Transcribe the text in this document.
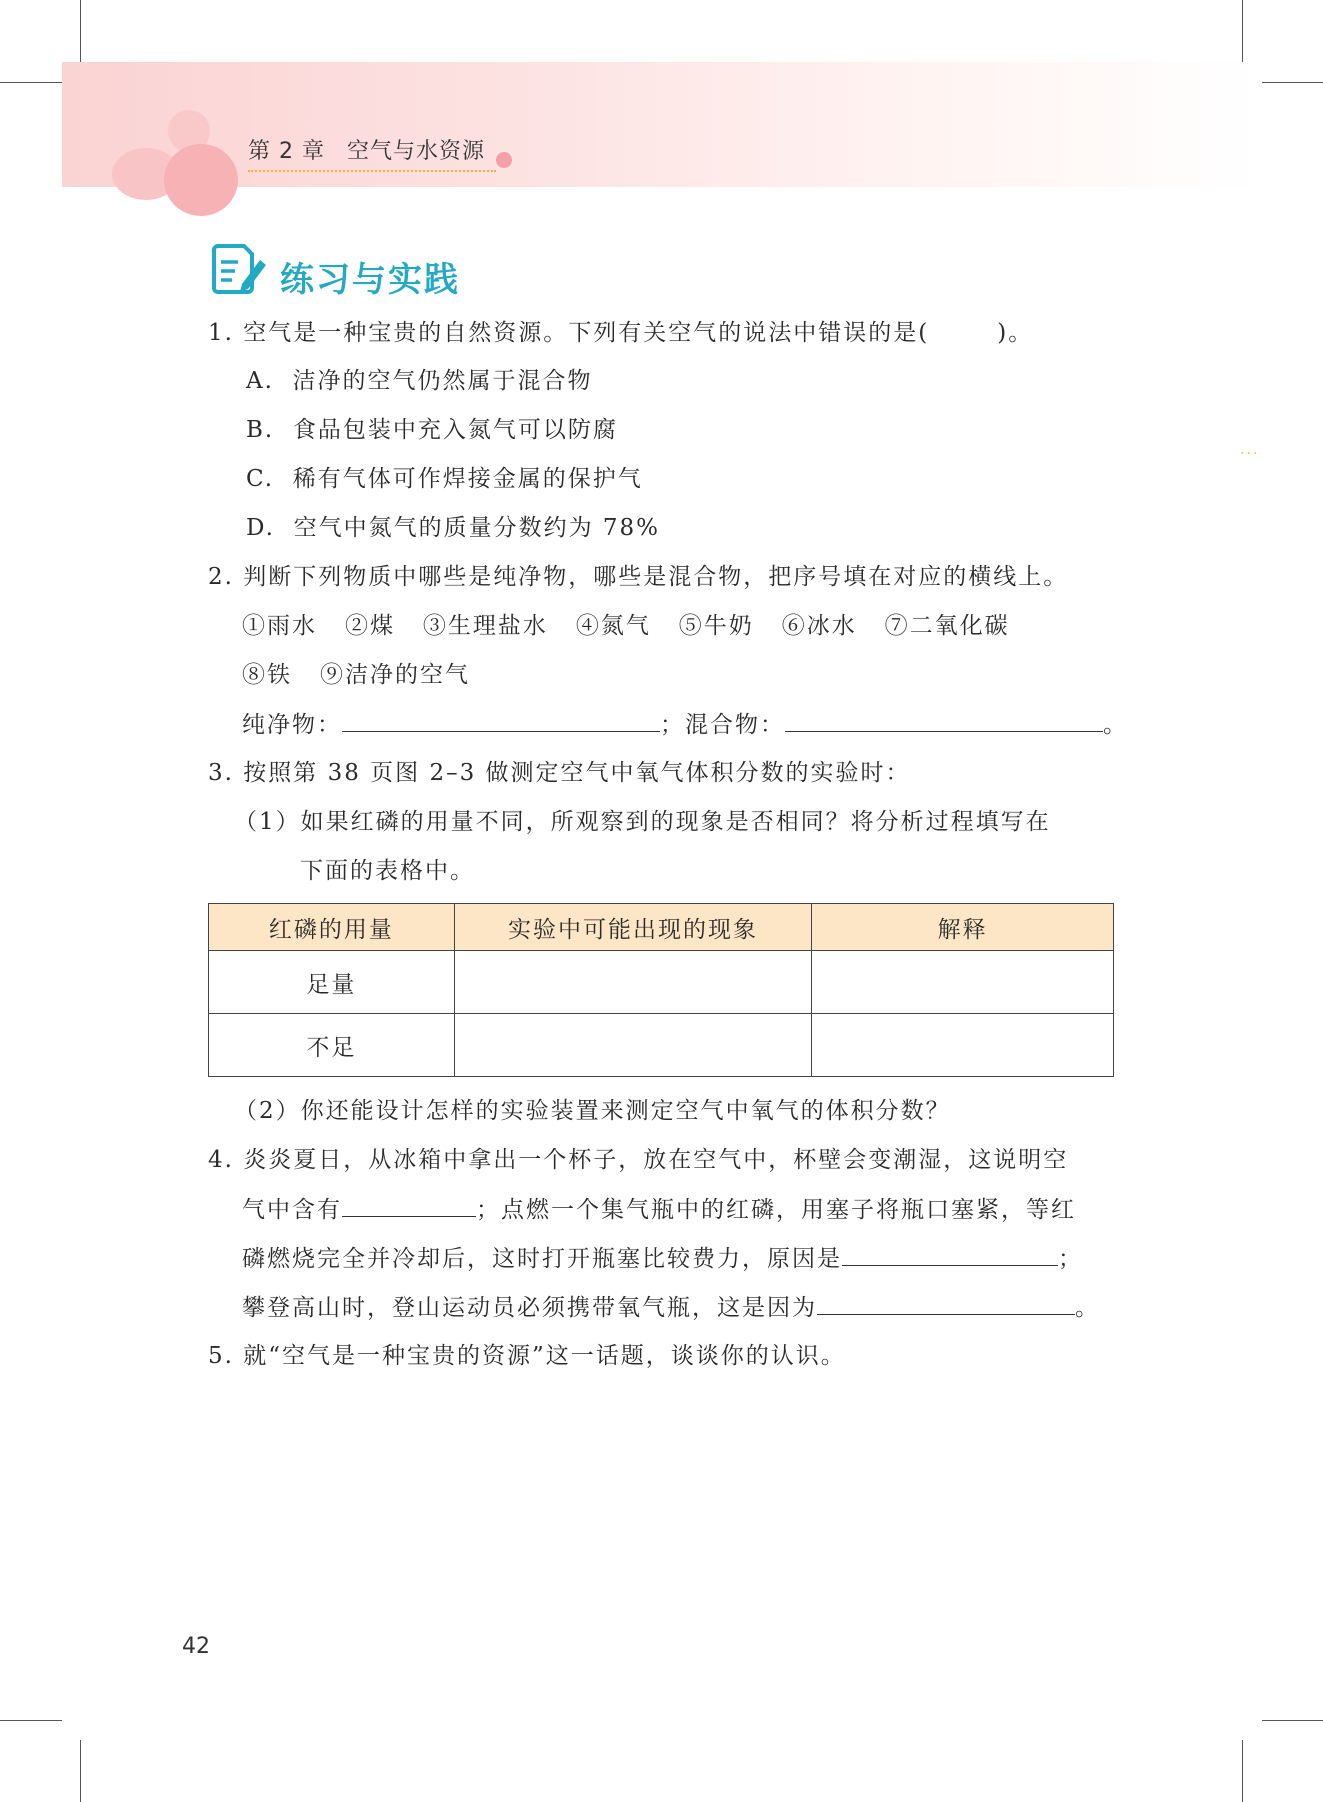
第 2 章 空气与水资源
···
练习与实践
1. 空气是一种宝贵的自然资源。下列有关空气的说法中错误的是(	)。
A. 洁净的空气仍然属于混合物
B. 食品包装中充入氮气可以防腐
C. 稀有气体可作焊接金属的保护气
D. 空气中氮气的质量分数约为 78%
2. 判断下列物质中哪些是纯净物，哪些是混合物，把序号填在对应的横线上。
①雨水 ②煤 ③生理盐水 ④氮气 ⑤牛奶 ⑥冰水 ⑦二氧化碳
⑧铁 ⑨洁净的空气
纯净物：	；混合物：	。
3. 按照第 38 页图 2–3 做测定空气中氧气体积分数的实验时：
（1）如果红磷的用量不同，所观察到的现象是否相同？将分析过程填写在
下面的表格中。
红磷的用量	实验中可能出现的现象	解释
足量		
不足		
（2）你还能设计怎样的实验装置来测定空气中氧气的体积分数？
4. 炎炎夏日，从冰箱中拿出一个杯子，放在空气中，杯壁会变潮湿，这说明空
气中含有	；点燃一个集气瓶中的红磷，用塞子将瓶口塞紧，等红
磷燃烧完全并冷却后，这时打开瓶塞比较费力，原因是	；
攀登高山时，登山运动员必须携带氧气瓶，这是因为	。
5. 就“空气是一种宝贵的资源”这一话题，谈谈你的认识。
42
